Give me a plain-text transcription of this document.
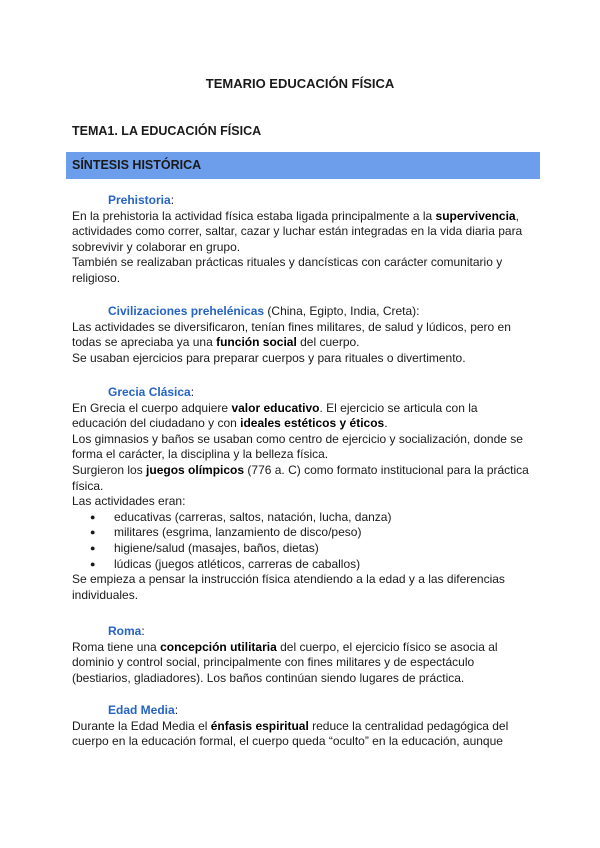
TEMARIO EDUCACIÓN FÍSICA
TEMA1. LA EDUCACIÓN FÍSICA
SÍNTESIS HISTÓRICA

Prehistoria:

En la prehistoria la actividad física estaba ligada principalmente a la supervivencia, actividades como correr, saltar, cazar y luchar están integradas en la vida diaria para sobrevivir y colaborar en grupo.

También se realizaban prácticas rituales y dancísticas con carácter comunitario y religioso.

Civilizaciones prehelénicas (China, Egipto, India, Creta):

Las actividades se diversificaron, tenían fines militares, de salud y lúdicos, pero en todas se apreciaba ya una función social del cuerpo.

Se usaban ejercicios para preparar cuerpos y para rituales o divertimento.

Grecia Clásica:

En Grecia el cuerpo adquiere valor educativo. El ejercicio se articula con la educación del ciudadano y con ideales estéticos y éticos.

Los gimnasios y baños se usaban como centro de ejercicio y socialización, donde se forma el carácter, la disciplina y la belleza física.

Surgieron los juegos olímpicos (776 a. C) como formato institucional para la práctica física.

Las actividades eran:

● educativas (carreras, saltos, natación, lucha, danza)
● militares (esgrima, lanzamiento de disco/peso)
● higiene/salud (masajes, baños, dietas)
● lúdicas (juegos atléticos, carreras de caballos)

Se empieza a pensar la instrucción física atendiendo a la edad y a las diferencias individuales.

Roma:

Roma tiene una concepción utilitaria del cuerpo, el ejercicio físico se asocia al dominio y control social, principalmente con fines militares y de espectáculo (bestiarios, gladiadores). Los baños continúan siendo lugares de práctica.

Edad Media:

Durante la Edad Media el énfasis espiritual reduce la centralidad pedagógica del cuerpo en la educación formal, el cuerpo queda “oculto” en la educación, aunque
